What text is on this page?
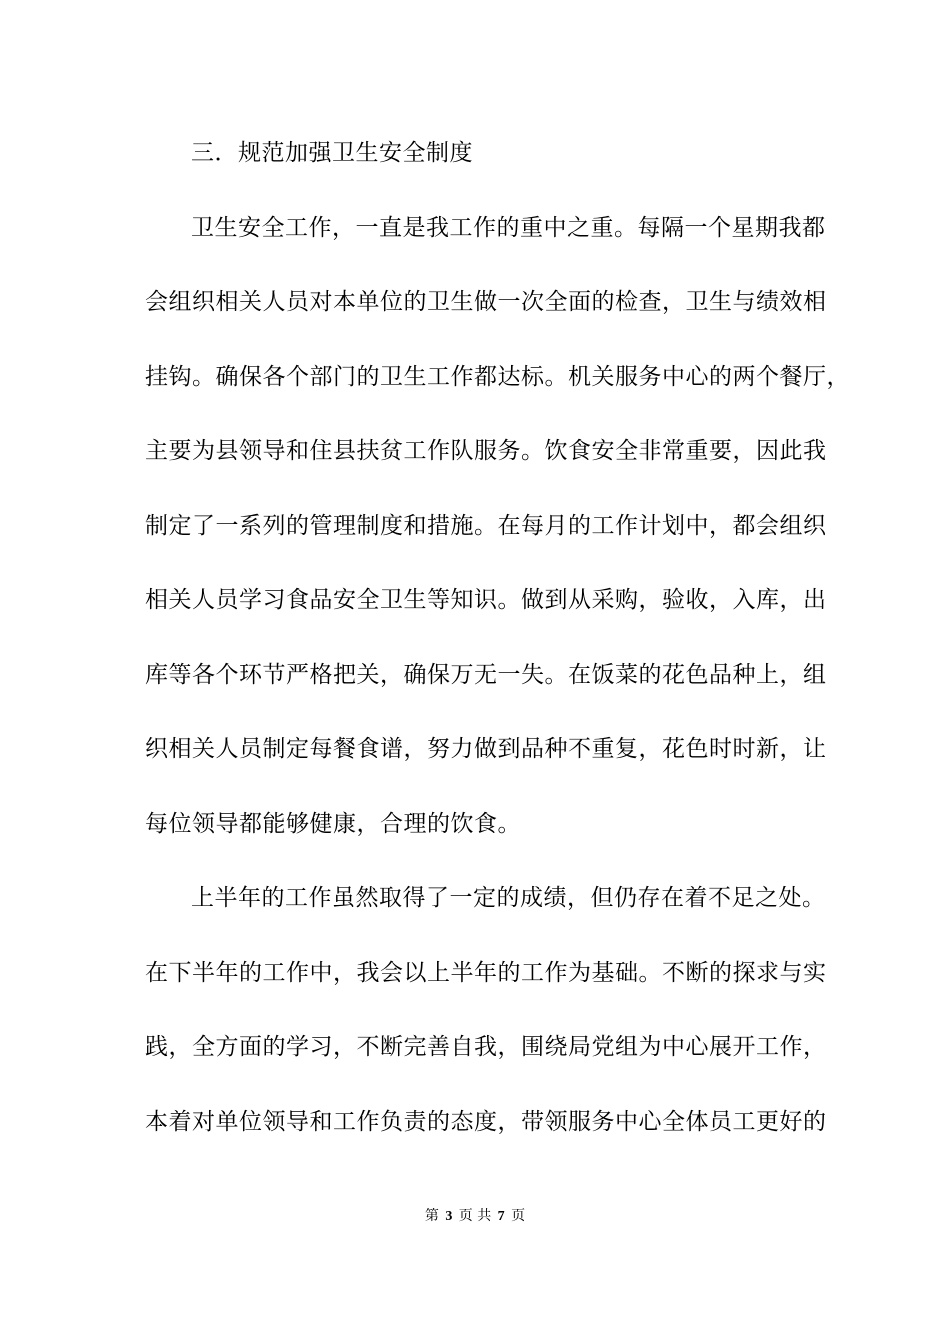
三．规范加强卫生安全制度
卫生安全工作，一直是我工作的重中之重。每隔一个星期我都
会组织相关人员对本单位的卫生做一次全面的检查，卫生与绩效相
挂钩。确保各个部门的卫生工作都达标。机关服务中心的两个餐厅，
主要为县领导和住县扶贫工作队服务。饮食安全非常重要，因此我
制定了一系列的管理制度和措施。在每月的工作计划中，都会组织
相关人员学习食品安全卫生等知识。做到从采购，验收，入库，出
库等各个环节严格把关，确保万无一失。在饭菜的花色品种上，组
织相关人员制定每餐食谱，努力做到品种不重复，花色时时新，让
每位领导都能够健康，合理的饮食。
上半年的工作虽然取得了一定的成绩，但仍存在着不足之处。
在下半年的工作中，我会以上半年的工作为基础。不断的探求与实
践，全方面的学习，不断完善自我，围绕局党组为中心展开工作，
本着对单位领导和工作负责的态度，带领服务中心全体员工更好的
第 3 页 共 7 页
